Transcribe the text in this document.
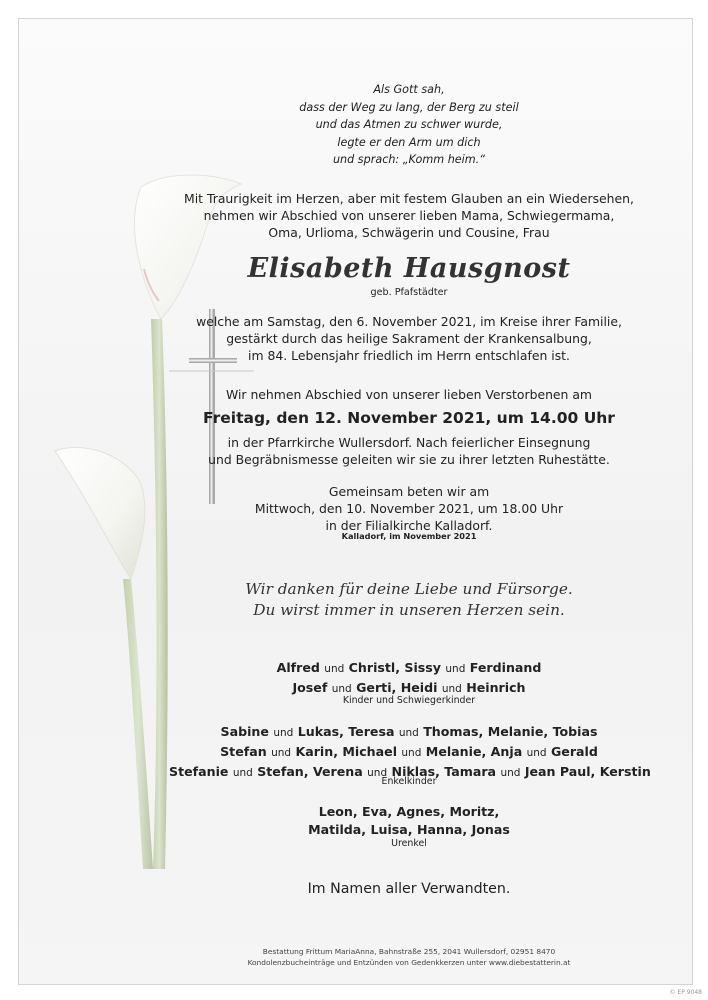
Als Gott sah,
dass der Weg zu lang, der Berg zu steil
und das Atmen zu schwer wurde,
legte er den Arm um dich
und sprach: „Komm heim.“
Mit Traurigkeit im Herzen, aber mit festem Glauben an ein Wiedersehen,
nehmen wir Abschied von unserer lieben Mama, Schwiegermama,
Oma, Urlioma, Schwägerin und Cousine, Frau
Elisabeth Hausgnost
geb. Pfafstädter
welche am Samstag, den 6. November 2021, im Kreise ihrer Familie,
gestärkt durch das heilige Sakrament der Krankensalbung,
im 84. Lebensjahr friedlich im Herrn entschlafen ist.
Wir nehmen Abschied von unserer lieben Verstorbenen am
Freitag, den 12. November 2021, um 14.00 Uhr
in der Pfarrkirche Wullersdorf. Nach feierlicher Einsegnung
und Begräbnismesse geleiten wir sie zu ihrer letzten Ruhestätte.
Gemeinsam beten wir am
Mittwoch, den 10. November 2021, um 18.00 Uhr
in der Filialkirche Kalladorf.
Kalladorf, im November 2021
Wir danken für deine Liebe und Fürsorge.
Du wirst immer in unseren Herzen sein.
Alfred und Christl, Sissy und Ferdinand
Josef und Gerti, Heidi und Heinrich
Kinder und Schwiegerkinder
Sabine und Lukas, Teresa und Thomas, Melanie, Tobias
Stefan und Karin, Michael und Melanie, Anja und Gerald
Stefanie und Stefan, Verena und Niklas, Tamara und Jean Paul, Kerstin
Enkelkinder
Leon, Eva, Agnes, Moritz,
Matilda, Luisa, Hanna, Jonas
Urenkel
Im Namen aller Verwandten.
Bestattung Frittum MariaAnna, Bahnstraße 255, 2041 Wullersdorf, 02951 8470
Kondolenzbucheinträge und Entzünden von Gedenkkerzen unter www.diebestatterin.at
© EP 9048
